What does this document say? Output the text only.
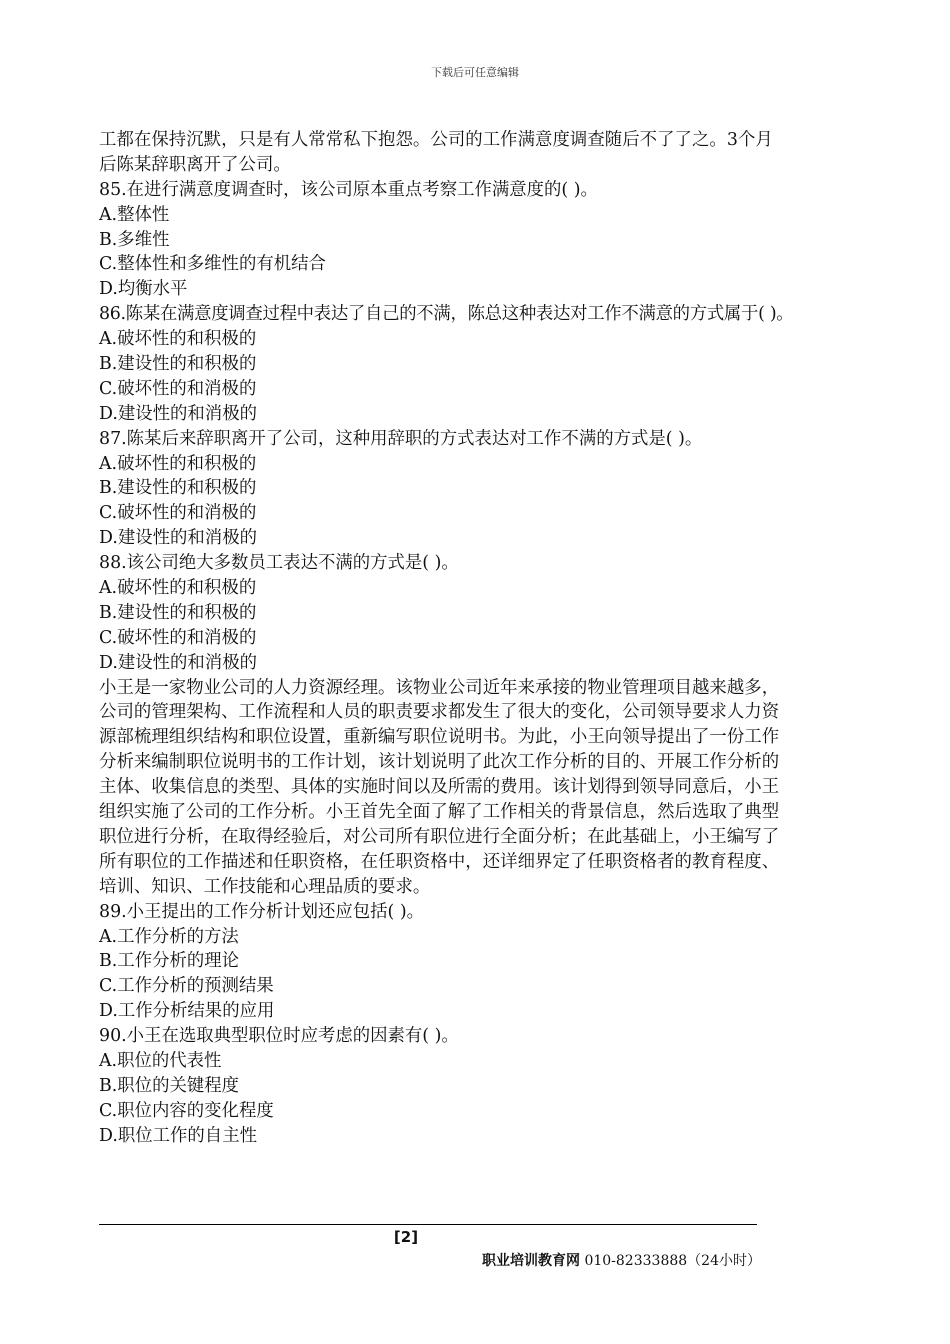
下载后可任意编辑
工都在保持沉默，只是有人常常私下抱怨。公司的工作满意度调查随后不了了之。3个月
后陈某辞职离开了公司。
85.在进行满意度调查时，该公司原本重点考察工作满意度的( )。
A.整体性
B.多维性
C.整体性和多维性的有机结合
D.均衡水平
86.陈某在满意度调查过程中表达了自己的不满，陈总这种表达对工作不满意的方式属于( )。
A.破坏性的和积极的
B.建设性的和积极的
C.破坏性的和消极的
D.建设性的和消极的
87.陈某后来辞职离开了公司，这种用辞职的方式表达对工作不满的方式是( )。
A.破坏性的和积极的
B.建设性的和积极的
C.破坏性的和消极的
D.建设性的和消极的
88.该公司绝大多数员工表达不满的方式是( )。
A.破坏性的和积极的
B.建设性的和积极的
C.破坏性的和消极的
D.建设性的和消极的
小王是一家物业公司的人力资源经理。该物业公司近年来承接的物业管理项目越来越多，
公司的管理架构、工作流程和人员的职责要求都发生了很大的变化，公司领导要求人力资
源部梳理组织结构和职位设置，重新编写职位说明书。为此，小王向领导提出了一份工作
分析来编制职位说明书的工作计划，该计划说明了此次工作分析的目的、开展工作分析的
主体、收集信息的类型、具体的实施时间以及所需的费用。该计划得到领导同意后，小王
组织实施了公司的工作分析。小王首先全面了解了工作相关的背景信息，然后选取了典型
职位进行分析，在取得经验后，对公司所有职位进行全面分析；在此基础上，小王编写了
所有职位的工作描述和任职资格，在任职资格中，还详细界定了任职资格者的教育程度、
培训、知识、工作技能和心理品质的要求。
89.小王提出的工作分析计划还应包括( )。
A.工作分析的方法
B.工作分析的理论
C.工作分析的预测结果
D.工作分析结果的应用
90.小王在选取典型职位时应考虑的因素有( )。
A.职位的代表性
B.职位的关键程度
C.职位内容的变化程度
D.职位工作的自主性
[2]
职业培训教育网 010-82333888（24小时）
